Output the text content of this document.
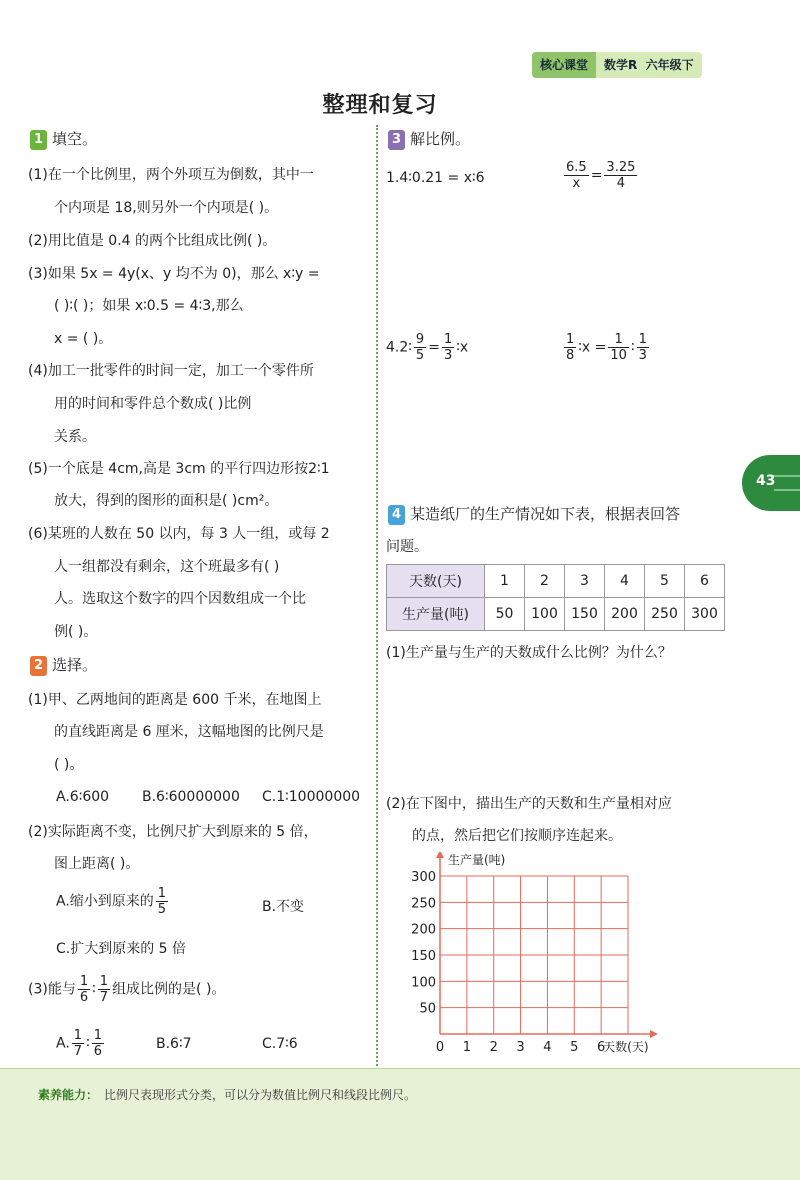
核心课堂	数学R 六年级下
整理和复习
1 填空。
(1)在一个比例里，两个外项互为倒数，其中一
个内项是 18,则另外一个内项是( )。
(2)用比值是 0.4 的两个比组成比例( )。
(3)如果 5x = 4y(x、y 均不为 0)，那么 x∶y =
( )∶( )；如果 x∶0.5 = 4∶3,那么
x = ( )。
(4)加工一批零件的时间一定，加工一个零件所
用的时间和零件总个数成( )比例
关系。
(5)一个底是 4cm,高是 3cm 的平行四边形按2∶1
放大，得到的图形的面积是( )cm²。
(6)某班的人数在 50 以内，每 3 人一组，或每 2
人一组都没有剩余，这个班最多有( )
人。选取这个数字的四个因数组成一个比
例( )。
2 选择。
(1)甲、乙两地间的距离是 600 千米，在地图上
的直线距离是 6 厘米，这幅地图的比例尺是
( )。
A.6∶600 B.6∶60000000 C.1∶10000000
(2)实际距离不变，比例尺扩大到原来的 5 倍，
图上距离( )。
A.缩小到原来的 $\frac{1}{5}$	B.不变
C.扩大到原来的 5 倍
(3)能与 $\frac{1}{6}$ ∶ $\frac{1}{7}$ 组成比例的是( )。
A. $\frac{1}{7}$ ∶ $\frac{1}{6}$	B.6∶7	C.7∶6
3 解比例。
1.4∶0.21 = x∶6	$\frac{6.5}{x} = \frac{3.25}{4}$
4.2∶ $\frac{9}{5} = \frac{1}{3}$ ∶x	$\frac{1}{8}$ ∶x = $\frac{1}{10}$ ∶ $\frac{1}{3}$
4 某造纸厂的生产情况如下表，根据表回答
问题。
天数(天)	1	2	3	4	5	6
生产量(吨)	50	100	150	200	250	300
(1)生产量与生产的天数成什么比例？为什么？
(2)在下图中，描出生产的天数和生产量相对应
的点，然后把它们按顺序连起来。
0 1 2 3 4 5 6
50
100
150
200
250
300
生产量(吨)
天数(天)
43
素养能力： 比例尺表现形式分类，可以分为数值比例尺和线段比例尺。
